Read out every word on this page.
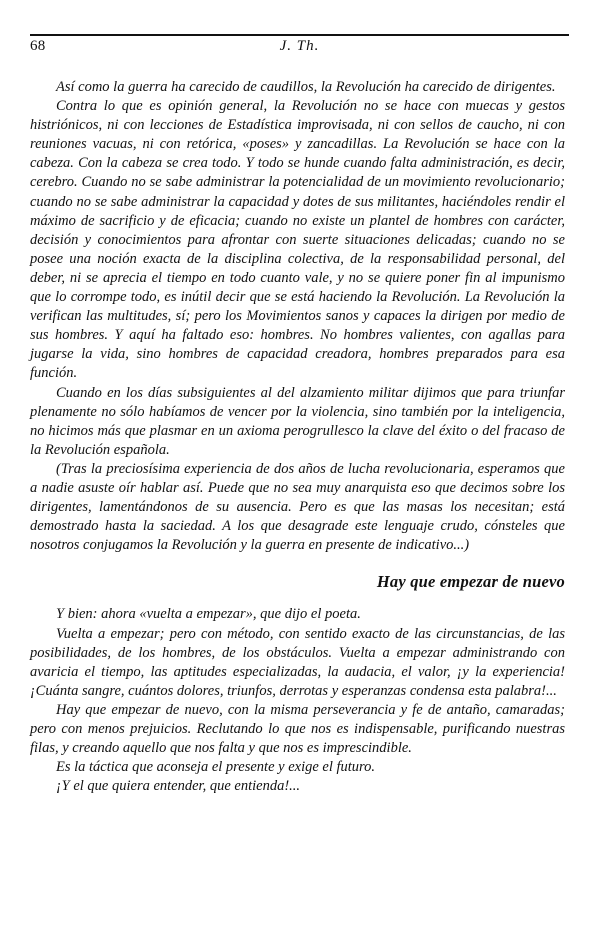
68	J. Th.

Así como la guerra ha carecido de caudillos, la Revolución ha carecido de dirigentes.

Contra lo que es opinión general, la Revolución no se hace con muecas y gestos histriónicos, ni con lecciones de Estadística improvisada, ni con sellos de caucho, ni con reuniones vacuas, ni con retórica, «poses» y zancadillas. La Revolución se hace con la cabeza. Con la cabeza se crea todo. Y todo se hunde cuando falta administración, es decir, cerebro. Cuando no se sabe administrar la potencialidad de un movimiento revolucionario; cuando no se sabe administrar la capacidad y dotes de sus militantes, haciéndoles rendir el máximo de sacrificio y de eficacia; cuando no existe un plantel de hombres con carácter, decisión y conocimientos para afrontar con suerte situaciones delicadas; cuando no se posee una noción exacta de la disciplina colectiva, de la responsabilidad personal, del deber, ni se aprecia el tiempo en todo cuanto vale, y no se quiere poner fin al impunismo que lo corrompe todo, es inútil decir que se está haciendo la Revolución. La Revolución la verifican las multitudes, sí; pero los Movimientos sanos y capaces la dirigen por medio de sus hombres. Y aquí ha faltado eso: hombres. No hombres valientes, con agallas para jugarse la vida, sino hombres de capacidad creadora, hombres preparados para esa función.

Cuando en los días subsiguientes al del alzamiento militar dijimos que para triunfar plenamente no sólo habíamos de vencer por la violencia, sino también por la inteligencia, no hicimos más que plasmar en un axioma perogrullesco la clave del éxito o del fracaso de la Revolución española.

(Tras la preciosísima experiencia de dos años de lucha revolucionaria, esperamos que a nadie asuste oír hablar así. Puede que no sea muy anarquista eso que decimos sobre los dirigentes, lamentándonos de su ausencia. Pero es que las masas los necesitan; está demostrado hasta la saciedad. A los que desagrade este lenguaje crudo, cónsteles que nosotros conjugamos la Revolución y la guerra en presente de indicativo...)

Hay que empezar de nuevo

Y bien: ahora «vuelta a empezar», que dijo el poeta.

Vuelta a empezar; pero con método, con sentido exacto de las circunstancias, de las posibilidades, de los hombres, de los obstáculos. Vuelta a empezar administrando con avaricia el tiempo, las aptitudes especializadas, la audacia, el valor, ¡y la experiencia! ¡Cuánta sangre, cuántos dolores, triunfos, derrotas y esperanzas condensa esta palabra!...

Hay que empezar de nuevo, con la misma perseverancia y fe de antaño, camaradas; pero con menos prejuicios. Reclutando lo que nos es indispensable, purificando nuestras filas, y creando aquello que nos falta y que nos es imprescindible.

Es la táctica que aconseja el presente y exige el futuro.

¡Y el que quiera entender, que entienda!...
